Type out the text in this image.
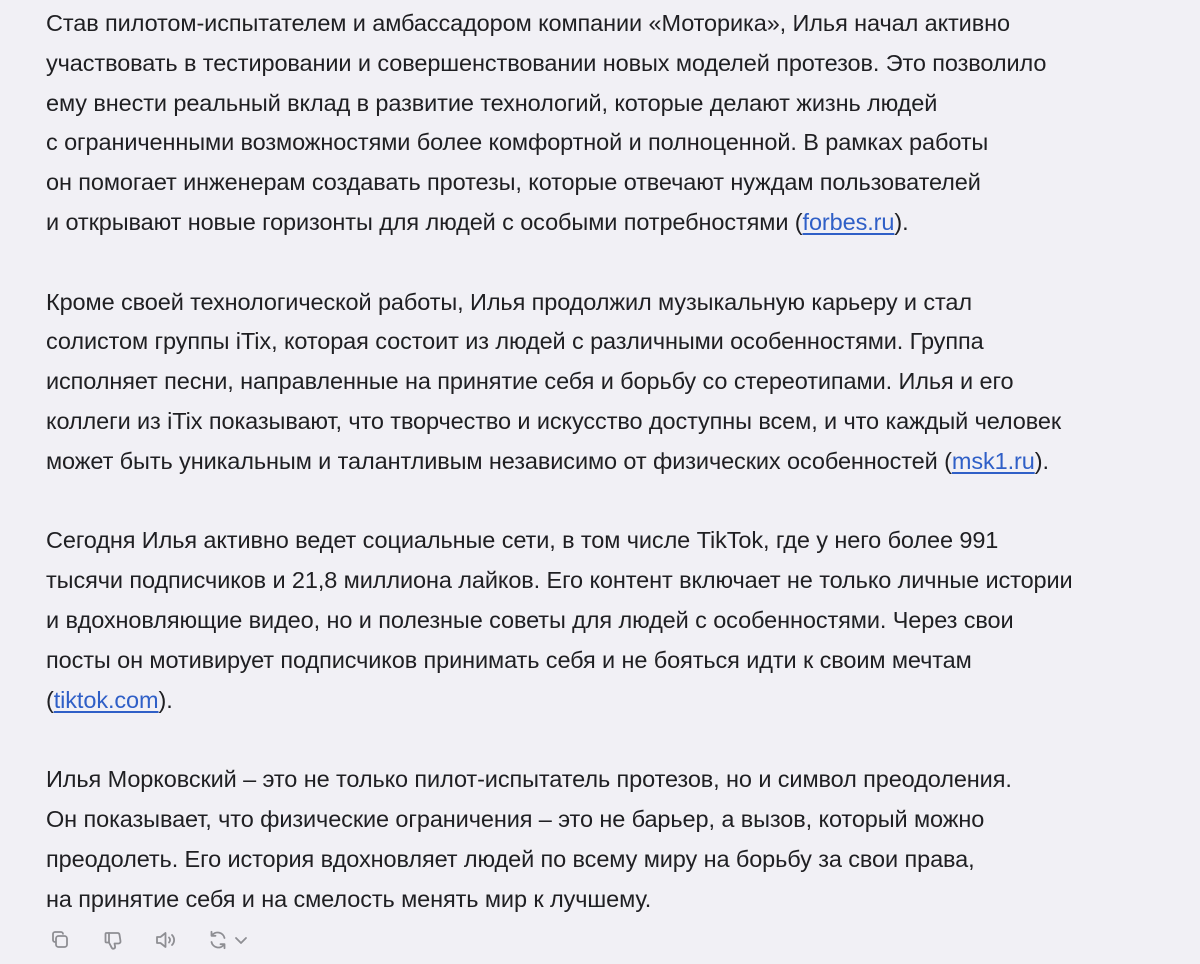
Став пилотом-испытателем и амбассадором компании «Моторика», Илья начал активно
участвовать в тестировании и совершенствовании новых моделей протезов. Это позволило
ему внести реальный вклад в развитие технологий, которые делают жизнь людей
с ограниченными возможностями более комфортной и полноценной. В рамках работы
он помогает инженерам создавать протезы, которые отвечают нуждам пользователей
и открывают новые горизонты для людей с особыми потребностями (forbes.ru).

Кроме своей технологической работы, Илья продолжил музыкальную карьеру и стал
солистом группы iTix, которая состоит из людей с различными особенностями. Группа
исполняет песни, направленные на принятие себя и борьбу со стереотипами. Илья и его
коллеги из iTix показывают, что творчество и искусство доступны всем, и что каждый человек
может быть уникальным и талантливым независимо от физических особенностей (msk1.ru).

Сегодня Илья активно ведет социальные сети, в том числе TikTok, где у него более 991
тысячи подписчиков и 21,8 миллиона лайков. Его контент включает не только личные истории
и вдохновляющие видео, но и полезные советы для людей с особенностями. Через свои
посты он мотивирует подписчиков принимать себя и не бояться идти к своим мечтам
(tiktok.com).

Илья Морковский – это не только пилот-испытатель протезов, но и символ преодоления.
Он показывает, что физические ограничения – это не барьер, а вызов, который можно
преодолеть. Его история вдохновляет людей по всему миру на борьбу за свои права,
на принятие себя и на смелость менять мир к лучшему.
